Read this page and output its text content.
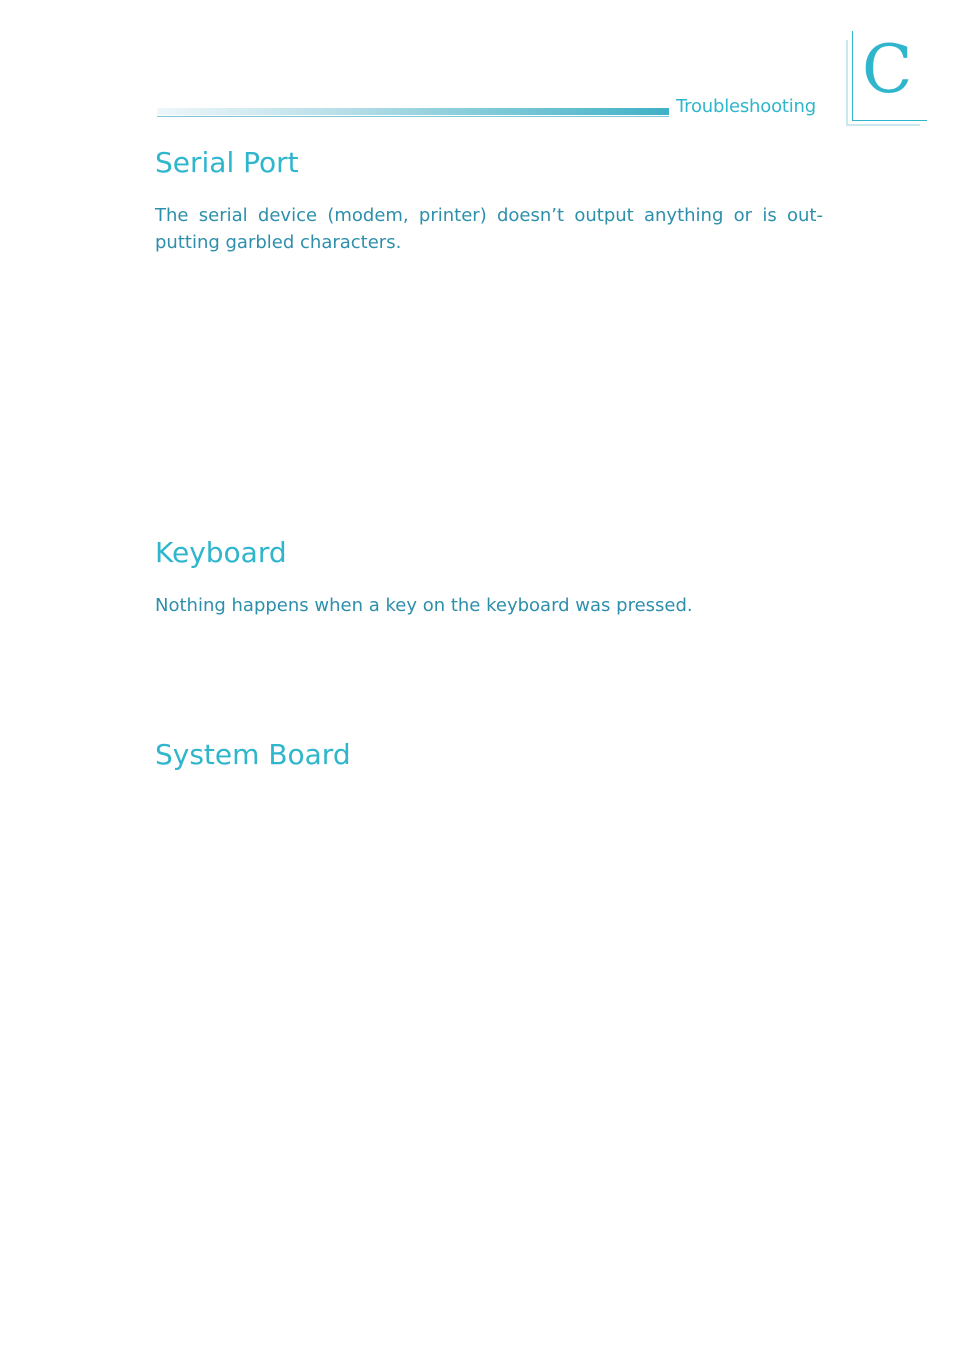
Troubleshooting C
Serial Port

The serial device (modem, printer) doesn’t output anything or is out-putting garbled characters.

Keyboard

Nothing happens when a key on the keyboard was pressed.

System Board
